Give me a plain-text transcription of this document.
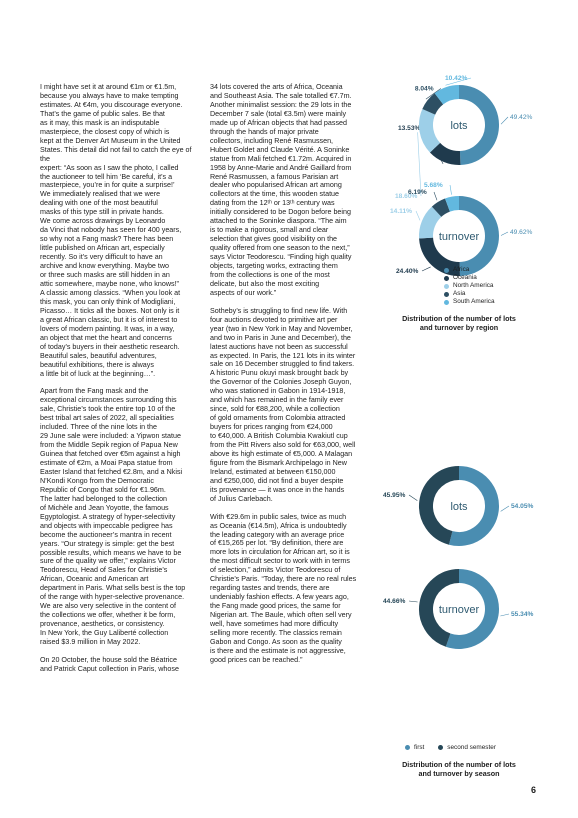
I might have set it at around €1m or €1.5m,
because you always have to make tempting
estimates. At €4m, you discourage everyone.
That’s the game of public sales. Be that
as it may, this mask is an indisputable
masterpiece, the closest copy of which is
kept at the Denver Art Museum in the United
States. This detail did not fail to catch the eye of the
expert: “As soon as I saw the photo, I called
the auctioneer to tell him ‘Be careful, it’s a
masterpiece, you’re in for quite a surprise!’
We immediately realised that we were
dealing with one of the most beautiful
masks of this type still in private hands.
We come across drawings by Leonardo
da Vinci that nobody has seen for 400 years,
so why not a Fang mask? There has been
little published on African art, especially
recently. So it’s very difficult to have an
archive and know everything. Maybe two
or three such masks are still hidden in an
attic somewhere, maybe none, who knows!”
A classic among classics. “When you look at
this mask, you can only think of Modigliani,
Picasso… It ticks all the boxes. Not only is it
a great African classic, but it is of interest to
lovers of modern painting. It was, in a way,
an object that met the heart and concerns
of today’s buyers in their aesthetic research.
Beautiful sales, beautiful adventures,
beautiful exhibitions, there is always
a little bit of luck at the beginning…”.

Apart from the Fang mask and the
exceptional circumstances surrounding this
sale, Christie’s took the entire top 10 of the
best tribal art sales of 2022, all specialities
included. Three of the nine lots in the
29 June sale were included: a Yipwon statue
from the Middle Sepik region of Papua New
Guinea that fetched over €5m against a high
estimate of €2m, a Moai Papa statue from
Easter Island that fetched €2.8m, and a Nkisi
N’Kondi Kongo from the Democratic
Republic of Congo that sold for €1.96m.
The latter had belonged to the collection
of Michèle and Jean Yoyotte, the famous
Egyptologist. A strategy of hyper-selectivity
and objects with impeccable pedigree has
become the auctioneer’s mantra in recent
years. “Our strategy is simple: get the best
possible results, which means we have to be
sure of the quality we offer,” explains Victor
Teodorescu, Head of Sales for Christie’s
African, Oceanic and American art
department in Paris. What sells best is the top
of the range with hyper-selective provenance.
We are also very selective in the content of
the collections we offer, whether it be form,
provenance, aesthetics, or consistency.
In New York, the Guy Laliberté collection
raised $3.9 million in May 2022.

On 20 October, the house sold the Béatrice
and Patrick Caput collection in Paris, whose

34 lots covered the arts of Africa, Oceania
and Southeast Asia. The sale totalled €7.7m.
Another minimalist session: the 29 lots in the
December 7 sale (total €3.5m) were mainly
made up of African objects that had passed
through the hands of major private
collectors, including René Rasmussen,
Hubert Goldet and Claude Vérité. A Soninke
statue from Mali fetched €1.72m. Acquired in
1958 by Anne-Marie and André Gaillard from
René Rasmussen, a famous Parisian art
dealer who popularised African art among
collectors at the time, this wooden statue
dating from the 12ᵗʰ or 13ᵗʰ century was
initially considered to be Dogon before being
attached to the Soninke diaspora. “The aim
is to make a rigorous, small and clear
selection that gives good visibility on the
quality offered from one season to the next,”
says Victor Teodorescu. “Finding high quality
objects, targeting works, extracting them
from the collections is one of the most
delicate, but also the most exciting
aspects of our work.”

Sotheby’s is struggling to find new life. With
four auctions devoted to primitive art per
year (two in New York in May and November,
and two in Paris in June and December), the
latest auctions have not been as successful
as expected. In Paris, the 121 lots in its winter
sale on 16 December struggled to find takers.
A historic Punu okuyi mask brought back by
the Governor of the Colonies Joseph Guyon,
who was stationed in Gabon in 1914-1918,
and which has remained in the family ever
since, sold for €88,200, while a collection
of gold ornaments from Colombia attracted
buyers for prices ranging from €24,000
to €40,000. A British Columbia Kwakiutl cup
from the Pitt Rivers also sold for €63,000, well
above its high estimate of €5,000. A Malagan
figure from the Bismark Archipelago in New
Ireland, estimated at between €150,000
and €250,000, did not find a buyer despite
its provenance — it was once in the hands
of Julius Carlebach.

With €29.6m in public sales, twice as much
as Oceania (€14.5m), Africa is undoubtedly
the leading category with an average price
of €15,265 per lot. “By definition, there are
more lots in circulation for African art, so it is
the most difficult sector to work with in terms
of selection,” admits Victor Teodorescu of
Christie’s Paris. “Today, there are no real rules
regarding tastes and trends, there are
undeniably fashion effects. A few years ago,
the Fang made good prices, the same for
Nigerian art. The Baule, which often sell very
well, have sometimes had more difficulty
selling more recently. The classics remain
Gabon and Congo. As soon as the quality
is there and the estimate is not aggressive,
good prices can be reached.”

49.42%
13.53%
18.60%
8.04%
10.42%
lots
49.62%
24.40%
14.11%
6.19%
5.68%
turnover
54.05%
45.95%
lots
55.34%
44.66%
turnover
Africa
Oceania
North America
Asia
South America
Distribution of the number of lots
and turnover by region
first	second semester
Distribution of the number of lots
and turnover by season
6
